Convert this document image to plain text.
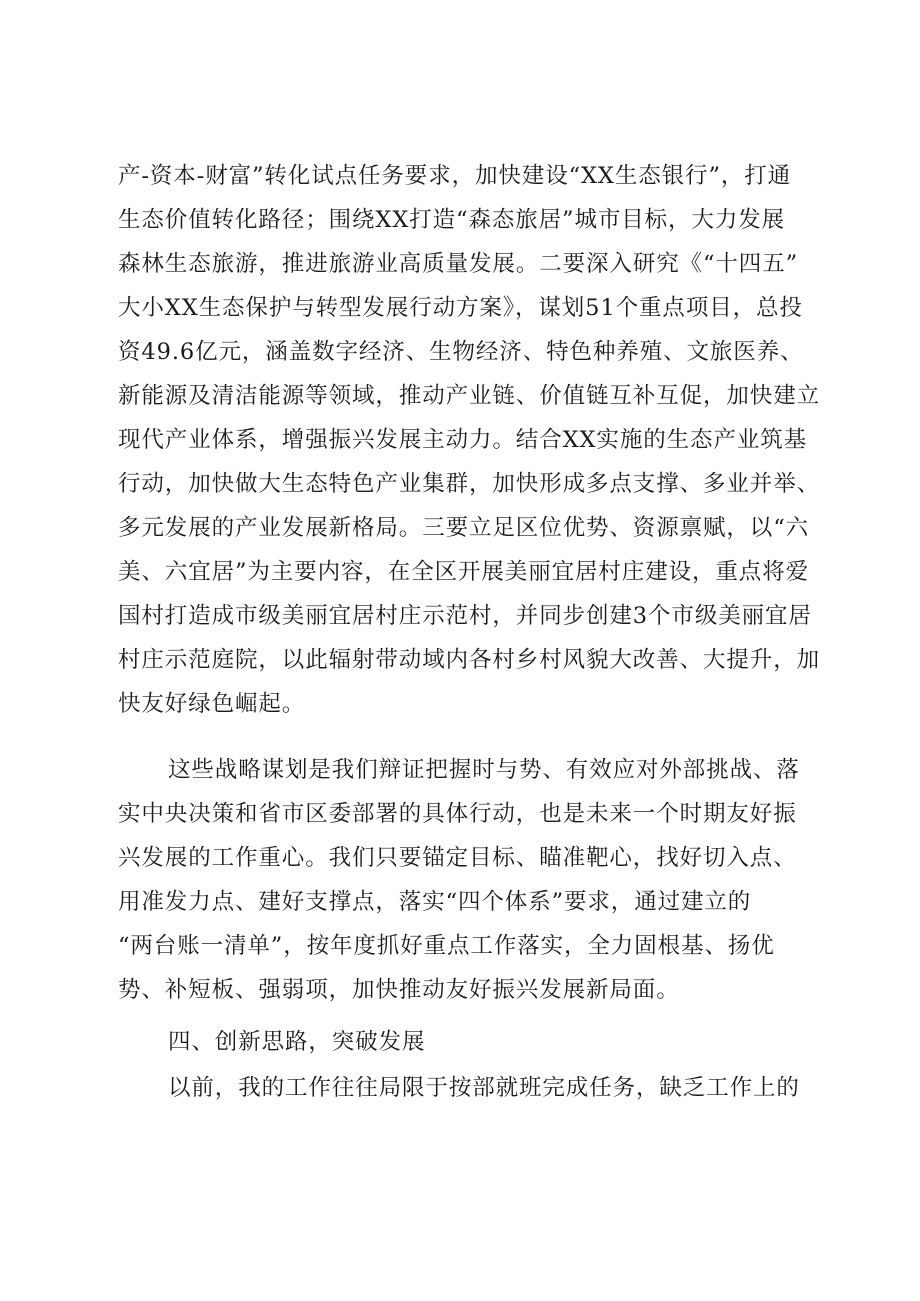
产-资本-财富”转化试点任务要求，加快建设“XX生态银行”，打通
生态价值转化路径；围绕XX打造“森态旅居”城市目标，大力发展
森林生态旅游，推进旅游业高质量发展。二要深入研究《“十四五”
大小XX生态保护与转型发展行动方案》，谋划51个重点项目，总投
资49.6亿元，涵盖数字经济、生物经济、特色种养殖、文旅医养、
新能源及清洁能源等领域，推动产业链、价值链互补互促，加快建立
现代产业体系，增强振兴发展主动力。结合XX实施的生态产业筑基
行动，加快做大生态特色产业集群，加快形成多点支撑、多业并举、
多元发展的产业发展新格局。三要立足区位优势、资源禀赋，以“六
美、六宜居”为主要内容，在全区开展美丽宜居村庄建设，重点将爱
国村打造成市级美丽宜居村庄示范村，并同步创建3个市级美丽宜居
村庄示范庭院，以此辐射带动域内各村乡村风貌大改善、大提升，加
快友好绿色崛起。
这些战略谋划是我们辩证把握时与势、有效应对外部挑战、落
实中央决策和省市区委部署的具体行动，也是未来一个时期友好振
兴发展的工作重心。我们只要锚定目标、瞄准靶心，找好切入点、
用准发力点、建好支撑点，落实“四个体系”要求，通过建立的
“两台账一清单”，按年度抓好重点工作落实，全力固根基、扬优
势、补短板、强弱项，加快推动友好振兴发展新局面。
四、创新思路，突破发展
以前，我的工作往往局限于按部就班完成任务，缺乏工作上的
